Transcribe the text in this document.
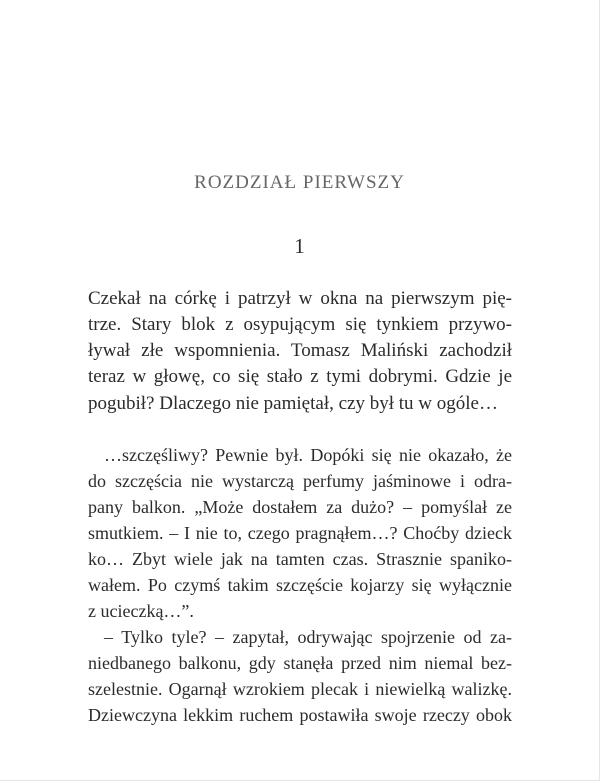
ROZDZIAŁ PIERWSZY
1
Czekał na córkę i patrzył w okna na pierwszym pię-
trze. Stary blok z osypującym się tynkiem przywo-
ływał złe wspomnienia. Tomasz Maliński zachodził
teraz w głowę, co się stało z tymi dobrymi. Gdzie je
pogubił? Dlaczego nie pamiętał, czy był tu w ogóle…
…szczęśliwy? Pewnie był. Dopóki się nie okazało, że
do szczęścia nie wystarczą perfumy jaśminowe i odra-
pany balkon. „Może dostałem za dużo? – pomyślał ze
smutkiem. – I nie to, czego pragnąłem…? Choćby dzieck
ko… Zbyt wiele jak na tamten czas. Strasznie spaniko-
wałem. Po czymś takim szczęście kojarzy się wyłącznie
z ucieczką…”.
– Tylko tyle? – zapytał, odrywając spojrzenie od za-
niedbanego balkonu, gdy stanęła przed nim niemal bez-
szelestnie. Ogarnął wzrokiem plecak i niewielką walizkę.
Dziewczyna lekkim ruchem postawiła swoje rzeczy obok
